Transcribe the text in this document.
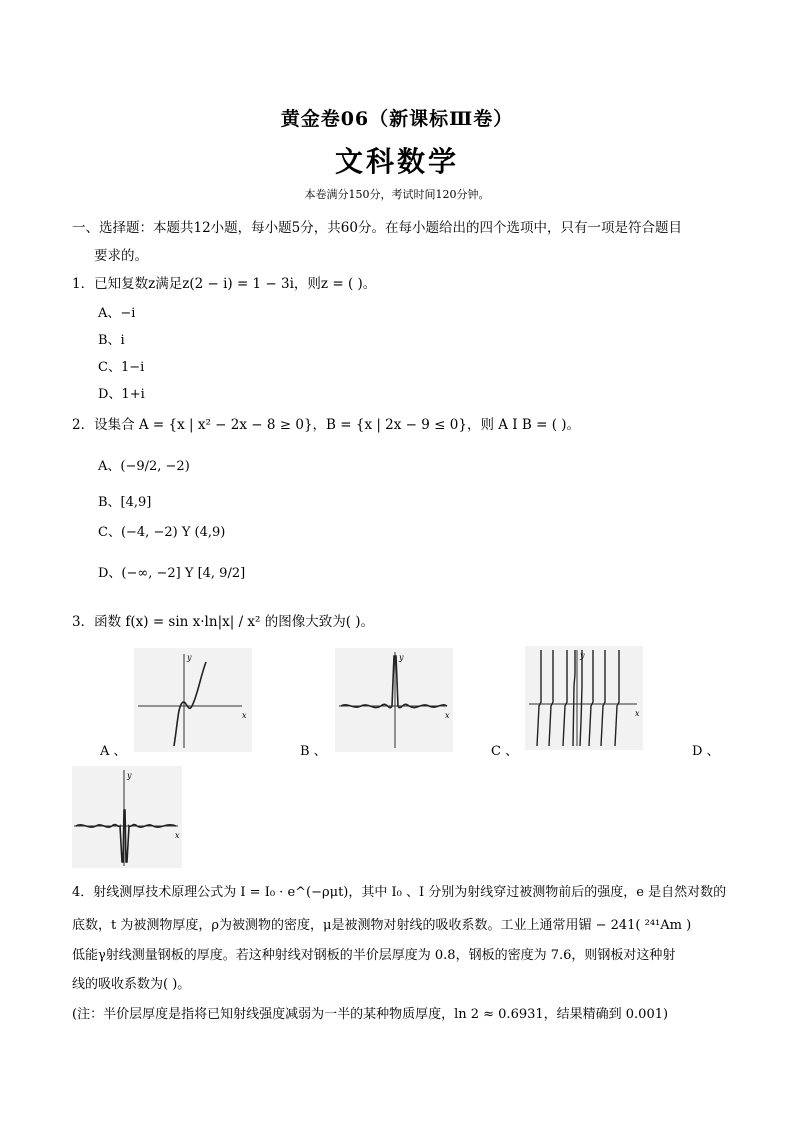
黄金卷06（新课标Ⅲ卷）
文科数学
本卷满分150分，考试时间120分钟。
一、选择题：本题共12小题，每小题5分，共60分。在每小题给出的四个选项中，只有一项是符合题目
要求的。
1．已知复数z满足z(2 − i) = 1 − 3i，则z = ( )。
A、−i
B、i
C、1−i
D、1+i
2．设集合 A = {x | x² − 2x − 8 ≥ 0}，B = {x | 2x − 9 ≤ 0}，则 A I B = ( )。
A、(−9/2, −2)
B、[4,9]
C、(−4, −2) Y (4,9)
D、(−∞, −2] Y [4, 9/2]
3．函数 f(x) = sin x·ln|x| / x² 的图像大致为( )。
x
y
x
y
x
y
x
y
A 、	B 、	C 、	D 、
4．射线测厚技术原理公式为 I = I₀ · e^(−ρμt)，其中 I₀ 、I 分别为射线穿过被测物前后的强度，e 是自然对数的
底数，t 为被测物厚度，ρ为被测物的密度，μ是被测物对射线的吸收系数。工业上通常用镅 − 241( ²⁴¹Am )
低能γ射线测量钢板的厚度。若这种射线对钢板的半价层厚度为 0.8，钢板的密度为 7.6，则钢板对这种射
线的吸收系数为( )。
(注：半价层厚度是指将已知射线强度减弱为一半的某种物质厚度，ln 2 ≈ 0.6931，结果精确到 0.001)
